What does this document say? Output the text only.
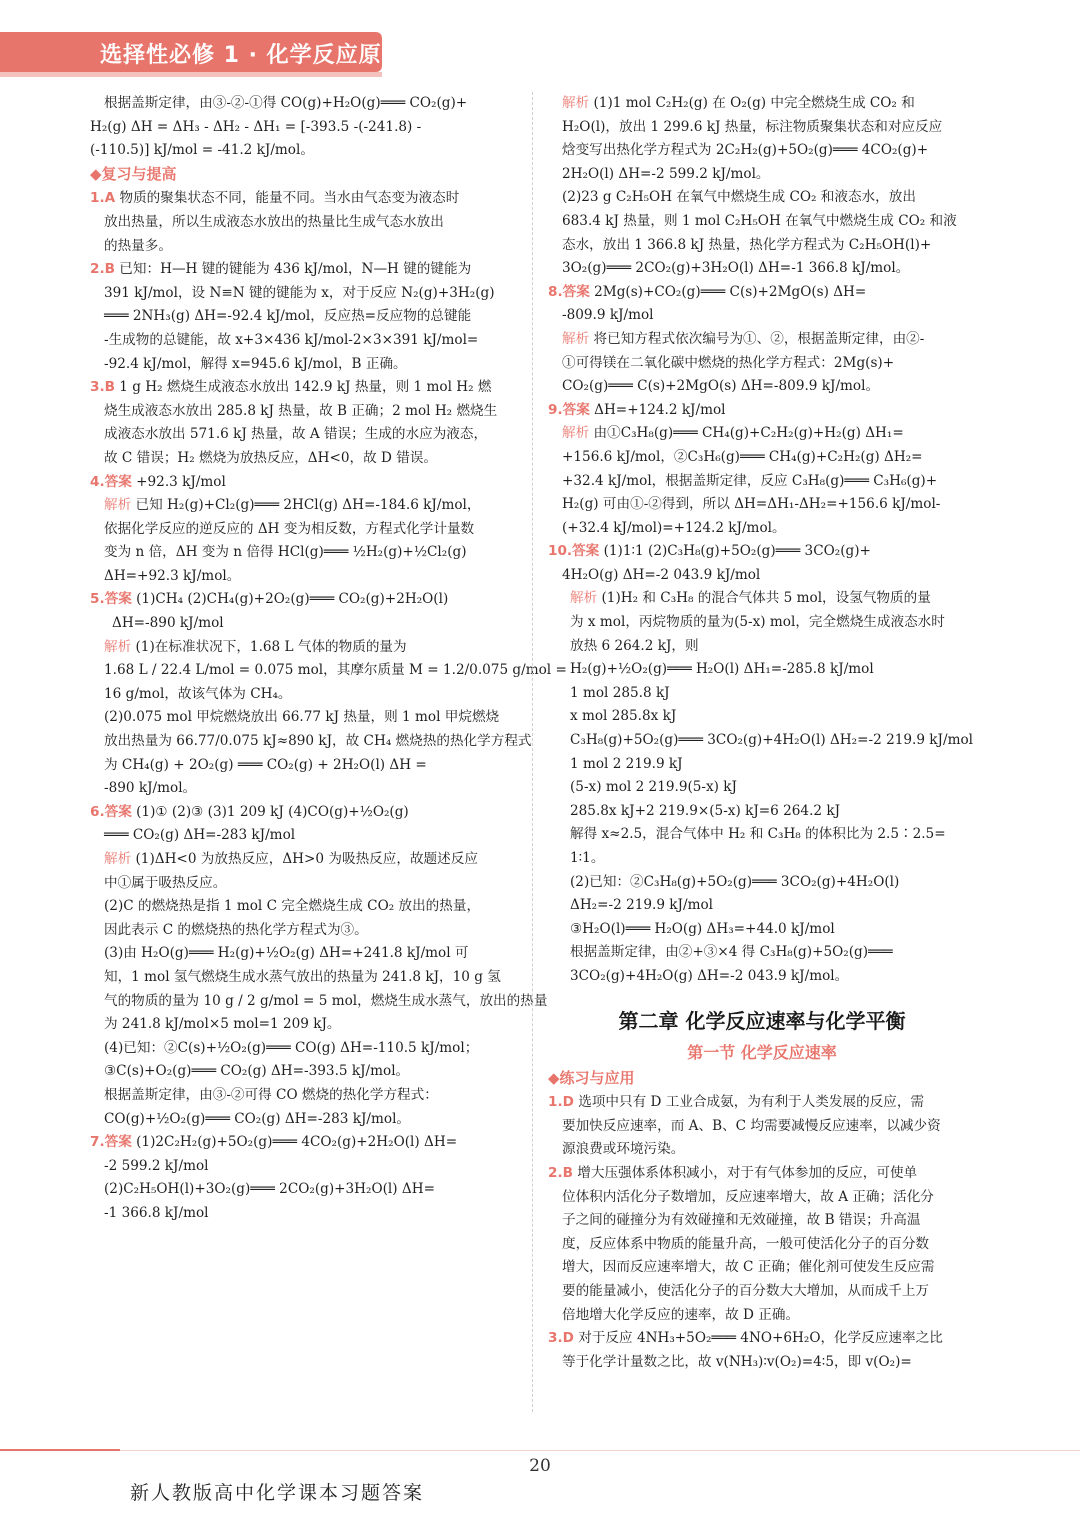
选择性必修 1 · 化学反应原理

根据盖斯定律，由③-②-①得 CO(g)+H₂O(g)═══ CO₂(g)+

H₂(g) ΔH = ΔH₃ - ΔH₂ - ΔH₁ = [-393.5 -(-241.8) -

(-110.5)] kJ/mol = -41.2 kJ/mol。

◆复习与提高

1.A 物质的聚集状态不同，能量不同。当水由气态变为液态时

放出热量，所以生成液态水放出的热量比生成气态水放出

的热量多。

2.B 已知：H—H 键的键能为 436 kJ/mol，N—H 键的键能为

391 kJ/mol，设 N≡N 键的键能为 x，对于反应 N₂(g)+3H₂(g)

═══ 2NH₃(g) ΔH=-92.4 kJ/mol，反应热=反应物的总键能

-生成物的总键能，故 x+3×436 kJ/mol-2×3×391 kJ/mol=

-92.4 kJ/mol，解得 x=945.6 kJ/mol，B 正确。

3.B 1 g H₂ 燃烧生成液态水放出 142.9 kJ 热量，则 1 mol H₂ 燃

烧生成液态水放出 285.8 kJ 热量，故 B 正确；2 mol H₂ 燃烧生

成液态水放出 571.6 kJ 热量，故 A 错误；生成的水应为液态，

故 C 错误；H₂ 燃烧为放热反应，ΔH<0，故 D 错误。

4.答案 +92.3 kJ/mol

解析 已知 H₂(g)+Cl₂(g)═══ 2HCl(g) ΔH=-184.6 kJ/mol，

依据化学反应的逆反应的 ΔH 变为相反数，方程式化学计量数

变为 n 倍，ΔH 变为 n 倍得 HCl(g)═══ ½H₂(g)+½Cl₂(g)

ΔH=+92.3 kJ/mol。

5.答案 (1)CH₄ (2)CH₄(g)+2O₂(g)═══ CO₂(g)+2H₂O(l)

ΔH=-890 kJ/mol

解析 (1)在标准状况下，1.68 L 气体的物质的量为

1.68 L / 22.4 L/mol = 0.075 mol，其摩尔质量 M = 1.2/0.075 g/mol =

16 g/mol，故该气体为 CH₄。

(2)0.075 mol 甲烷燃烧放出 66.77 kJ 热量，则 1 mol 甲烷燃烧

放出热量为 66.77/0.075 kJ≈890 kJ，故 CH₄ 燃烧热的热化学方程式

为 CH₄(g) + 2O₂(g) ═══ CO₂(g) + 2H₂O(l) ΔH =

-890 kJ/mol。

6.答案 (1)① (2)③ (3)1 209 kJ (4)CO(g)+½O₂(g)

═══ CO₂(g) ΔH=-283 kJ/mol

解析 (1)ΔH<0 为放热反应，ΔH>0 为吸热反应，故题述反应

中①属于吸热反应。

(2)C 的燃烧热是指 1 mol C 完全燃烧生成 CO₂ 放出的热量，

因此表示 C 的燃烧热的热化学方程式为③。

(3)由 H₂O(g)═══ H₂(g)+½O₂(g) ΔH=+241.8 kJ/mol 可

知，1 mol 氢气燃烧生成水蒸气放出的热量为 241.8 kJ，10 g 氢

气的物质的量为 10 g / 2 g/mol = 5 mol，燃烧生成水蒸气，放出的热量

为 241.8 kJ/mol×5 mol=1 209 kJ。

(4)已知：②C(s)+½O₂(g)═══ CO(g) ΔH=-110.5 kJ/mol；

③C(s)+O₂(g)═══ CO₂(g) ΔH=-393.5 kJ/mol。

根据盖斯定律，由③-②可得 CO 燃烧的热化学方程式：

CO(g)+½O₂(g)═══ CO₂(g) ΔH=-283 kJ/mol。

7.答案 (1)2C₂H₂(g)+5O₂(g)═══ 4CO₂(g)+2H₂O(l) ΔH=

-2 599.2 kJ/mol

(2)C₂H₅OH(l)+3O₂(g)═══ 2CO₂(g)+3H₂O(l) ΔH=

-1 366.8 kJ/mol

解析 (1)1 mol C₂H₂(g) 在 O₂(g) 中完全燃烧生成 CO₂ 和

H₂O(l)，放出 1 299.6 kJ 热量，标注物质聚集状态和对应反应

焓变写出热化学方程式为 2C₂H₂(g)+5O₂(g)═══ 4CO₂(g)+

2H₂O(l) ΔH=-2 599.2 kJ/mol。

(2)23 g C₂H₅OH 在氧气中燃烧生成 CO₂ 和液态水，放出

683.4 kJ 热量，则 1 mol C₂H₅OH 在氧气中燃烧生成 CO₂ 和液

态水，放出 1 366.8 kJ 热量，热化学方程式为 C₂H₅OH(l)+

3O₂(g)═══ 2CO₂(g)+3H₂O(l) ΔH=-1 366.8 kJ/mol。

8.答案 2Mg(s)+CO₂(g)═══ C(s)+2MgO(s) ΔH=

-809.9 kJ/mol

解析 将已知方程式依次编号为①、②，根据盖斯定律，由②-

①可得镁在二氧化碳中燃烧的热化学方程式：2Mg(s)+

CO₂(g)═══ C(s)+2MgO(s) ΔH=-809.9 kJ/mol。

9.答案 ΔH=+124.2 kJ/mol

解析 由①C₃H₈(g)═══ CH₄(g)+C₂H₂(g)+H₂(g) ΔH₁=

+156.6 kJ/mol，②C₃H₆(g)═══ CH₄(g)+C₂H₂(g) ΔH₂=

+32.4 kJ/mol，根据盖斯定律，反应 C₃H₈(g)═══ C₃H₆(g)+

H₂(g) 可由①-②得到，所以 ΔH=ΔH₁-ΔH₂=+156.6 kJ/mol-

(+32.4 kJ/mol)=+124.2 kJ/mol。

10.答案 (1)1∶1 (2)C₃H₈(g)+5O₂(g)═══ 3CO₂(g)+

4H₂O(g) ΔH=-2 043.9 kJ/mol

解析 (1)H₂ 和 C₃H₈ 的混合气体共 5 mol，设氢气物质的量

为 x mol，丙烷物质的量为(5-x) mol，完全燃烧生成液态水时

放热 6 264.2 kJ，则

H₂(g)+½O₂(g)═══ H₂O(l) ΔH₁=-285.8 kJ/mol

1 mol 285.8 kJ

x mol 285.8x kJ

C₃H₈(g)+5O₂(g)═══ 3CO₂(g)+4H₂O(l) ΔH₂=-2 219.9 kJ/mol

1 mol 2 219.9 kJ

(5-x) mol 2 219.9(5-x) kJ

285.8x kJ+2 219.9×(5-x) kJ=6 264.2 kJ

解得 x≈2.5，混合气体中 H₂ 和 C₃H₈ 的体积比为 2.5∶2.5=

1∶1。

(2)已知：②C₃H₈(g)+5O₂(g)═══ 3CO₂(g)+4H₂O(l)

ΔH₂=-2 219.9 kJ/mol

③H₂O(l)═══ H₂O(g) ΔH₃=+44.0 kJ/mol

根据盖斯定律，由②+③×4 得 C₃H₈(g)+5O₂(g)═══

3CO₂(g)+4H₂O(g) ΔH=-2 043.9 kJ/mol。

第二章 化学反应速率与化学平衡
第一节 化学反应速率

◆练习与应用

1.D 选项中只有 D 工业合成氨，为有利于人类发展的反应，需

要加快反应速率，而 A、B、C 均需要减慢反应速率，以减少资

源浪费或环境污染。

2.B 增大压强体系体积减小，对于有气体参加的反应，可使单

位体积内活化分子数增加，反应速率增大，故 A 正确；活化分

子之间的碰撞分为有效碰撞和无效碰撞，故 B 错误；升高温

度，反应体系中物质的能量升高，一般可使活化分子的百分数

增大，因而反应速率增大，故 C 正确；催化剂可使发生反应需

要的能量减小，使活化分子的百分数大大增加，从而成千上万

倍地增大化学反应的速率，故 D 正确。

3.D 对于反应 4NH₃+5O₂═══ 4NO+6H₂O，化学反应速率之比

等于化学计量数之比，故 v(NH₃)∶v(O₂)=4∶5，即 v(O₂)=

20
新人教版高中化学课本习题答案
